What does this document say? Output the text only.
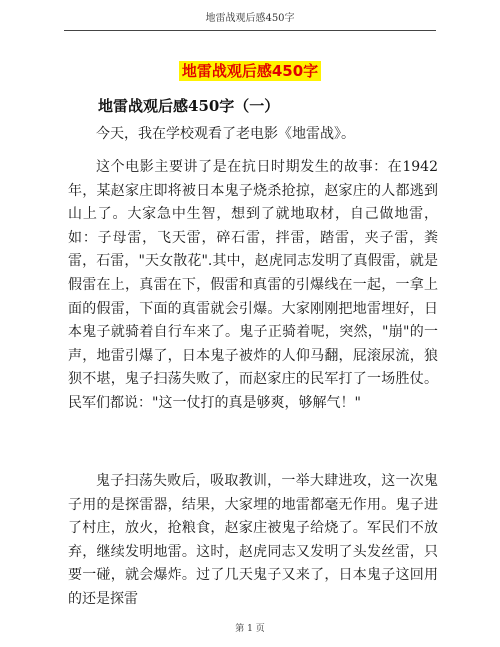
地雷战观后感450字
地雷战观后感450字
地雷战观后感450字（一）

今天，我在学校观看了老电影《地雷战》。

这个电影主要讲了是在抗日时期发生的故事：在1942年，某赵家庄即将被日本鬼子烧杀抢掠，赵家庄的人都逃到山上了。大家急中生智，想到了就地取材，自己做地雷，如：子母雷，飞天雷，碎石雷，拌雷，踏雷，夹子雷，粪雷，石雷，"天女散花".其中，赵虎同志发明了真假雷，就是假雷在上，真雷在下，假雷和真雷的引爆线在一起，一拿上面的假雷，下面的真雷就会引爆。大家刚刚把地雷埋好，日本鬼子就骑着自行车来了。鬼子正骑着呢，突然，"崩"的一声，地雷引爆了，日本鬼子被炸的人仰马翻，屁滚尿流，狼狈不堪，鬼子扫荡失败了，而赵家庄的民军打了一场胜仗。民军们都说："这一仗打的真是够爽，够解气！"

鬼子扫荡失败后，吸取教训，一举大肆进攻，这一次鬼子用的是探雷器，结果，大家埋的地雷都毫无作用。鬼子进了村庄，放火，抢粮食，赵家庄被鬼子给烧了。军民们不放弃，继续发明地雷。这时，赵虎同志又发明了头发丝雷，只要一碰，就会爆炸。过了几天鬼子又来了，日本鬼子这回用的还是探雷

第 1 页
